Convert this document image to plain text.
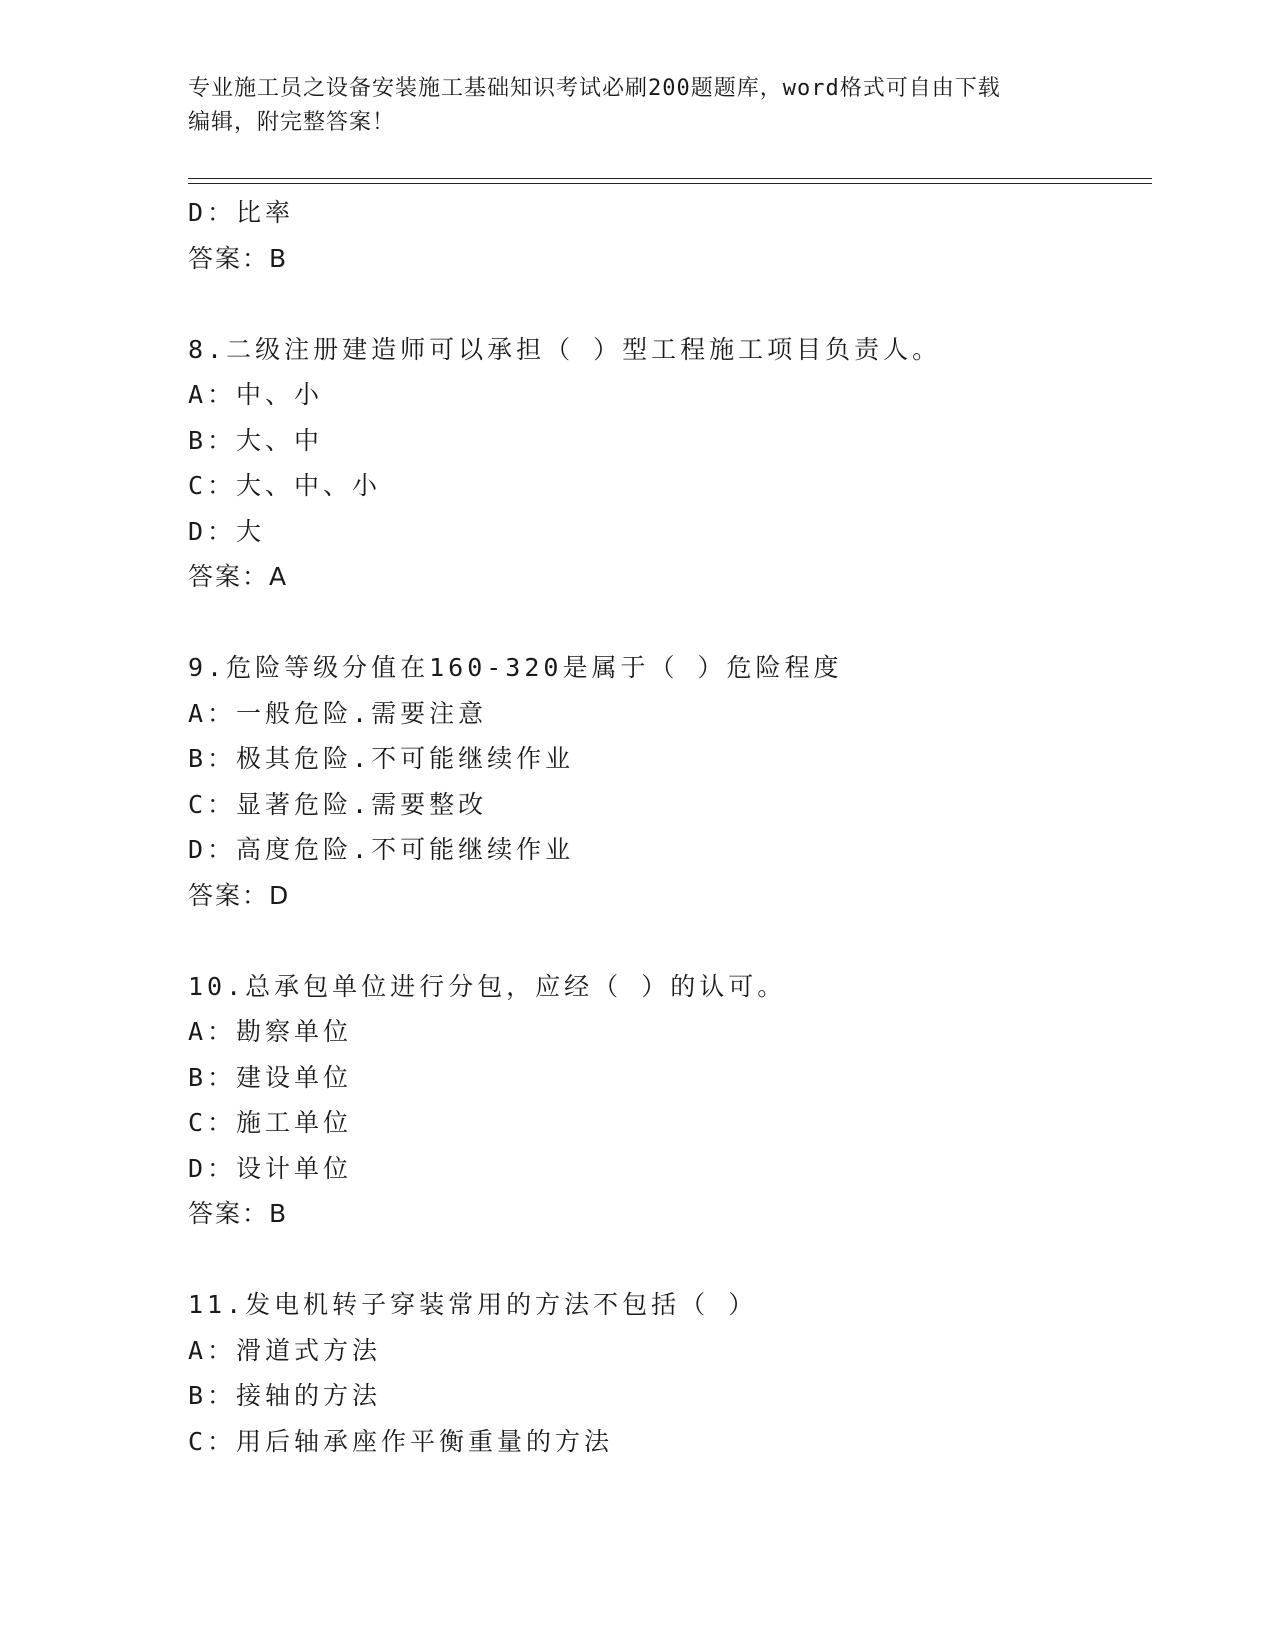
专业施工员之设备安装施工基础知识考试必刷200题题库，word格式可自由下载
编辑，附完整答案！
D：比率
答案：B
8.二级注册建造师可以承担（ ）型工程施工项目负责人。
A：中、小
B：大、中
C：大、中、小
D：大
答案：A
9.危险等级分值在160-320是属于（ ）危险程度
A：一般危险.需要注意
B：极其危险.不可能继续作业
C：显著危险.需要整改
D：高度危险.不可能继续作业
答案：D
10.总承包单位进行分包，应经（ ）的认可。
A：勘察单位
B：建设单位
C：施工单位
D：设计单位
答案：B
11.发电机转子穿装常用的方法不包括（ ）
A：滑道式方法
B：接轴的方法
C：用后轴承座作平衡重量的方法
